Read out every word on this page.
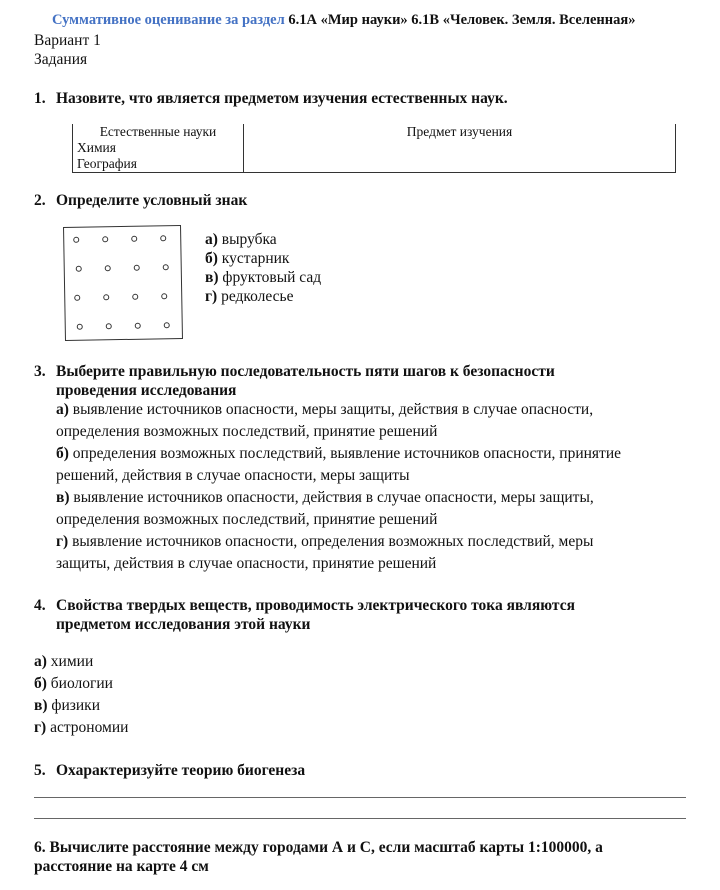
Суммативное оценивание за раздел 6.1А «Мир науки» 6.1В «Человек. Земля. Вселенная»
Вариант 1
Задания
1. Назовите, что является предметом изучения естественных наук.
Естественные науки	Предмет изучения
Химия	
География	
2. Определите условный знак
а) вырубка
б) кустарник
в) фруктовый сад
г) редколесье
3. Выберите правильную последовательность пяти шагов к безопасности
проведения исследования
а) выявление источников опасности, меры защиты, действия в случае опасности,
определения возможных последствий, принятие решений
б) определения возможных последствий, выявление источников опасности, принятие
решений, действия в случае опасности, меры защиты
в) выявление источников опасности, действия в случае опасности, меры защиты,
определения возможных последствий, принятие решений
г) выявление источников опасности, определения возможных последствий, меры
защиты, действия в случае опасности, принятие решений
4. Свойства твердых веществ, проводимость электрического тока являются
предметом исследования этой науки
а) химии
б) биологии
в) физики
г) астрономии
5. Охарактеризуйте теорию биогенеза
6. Вычислите расстояние между городами А и С, если масштаб карты 1:100000, а
расстояние на карте 4 см
